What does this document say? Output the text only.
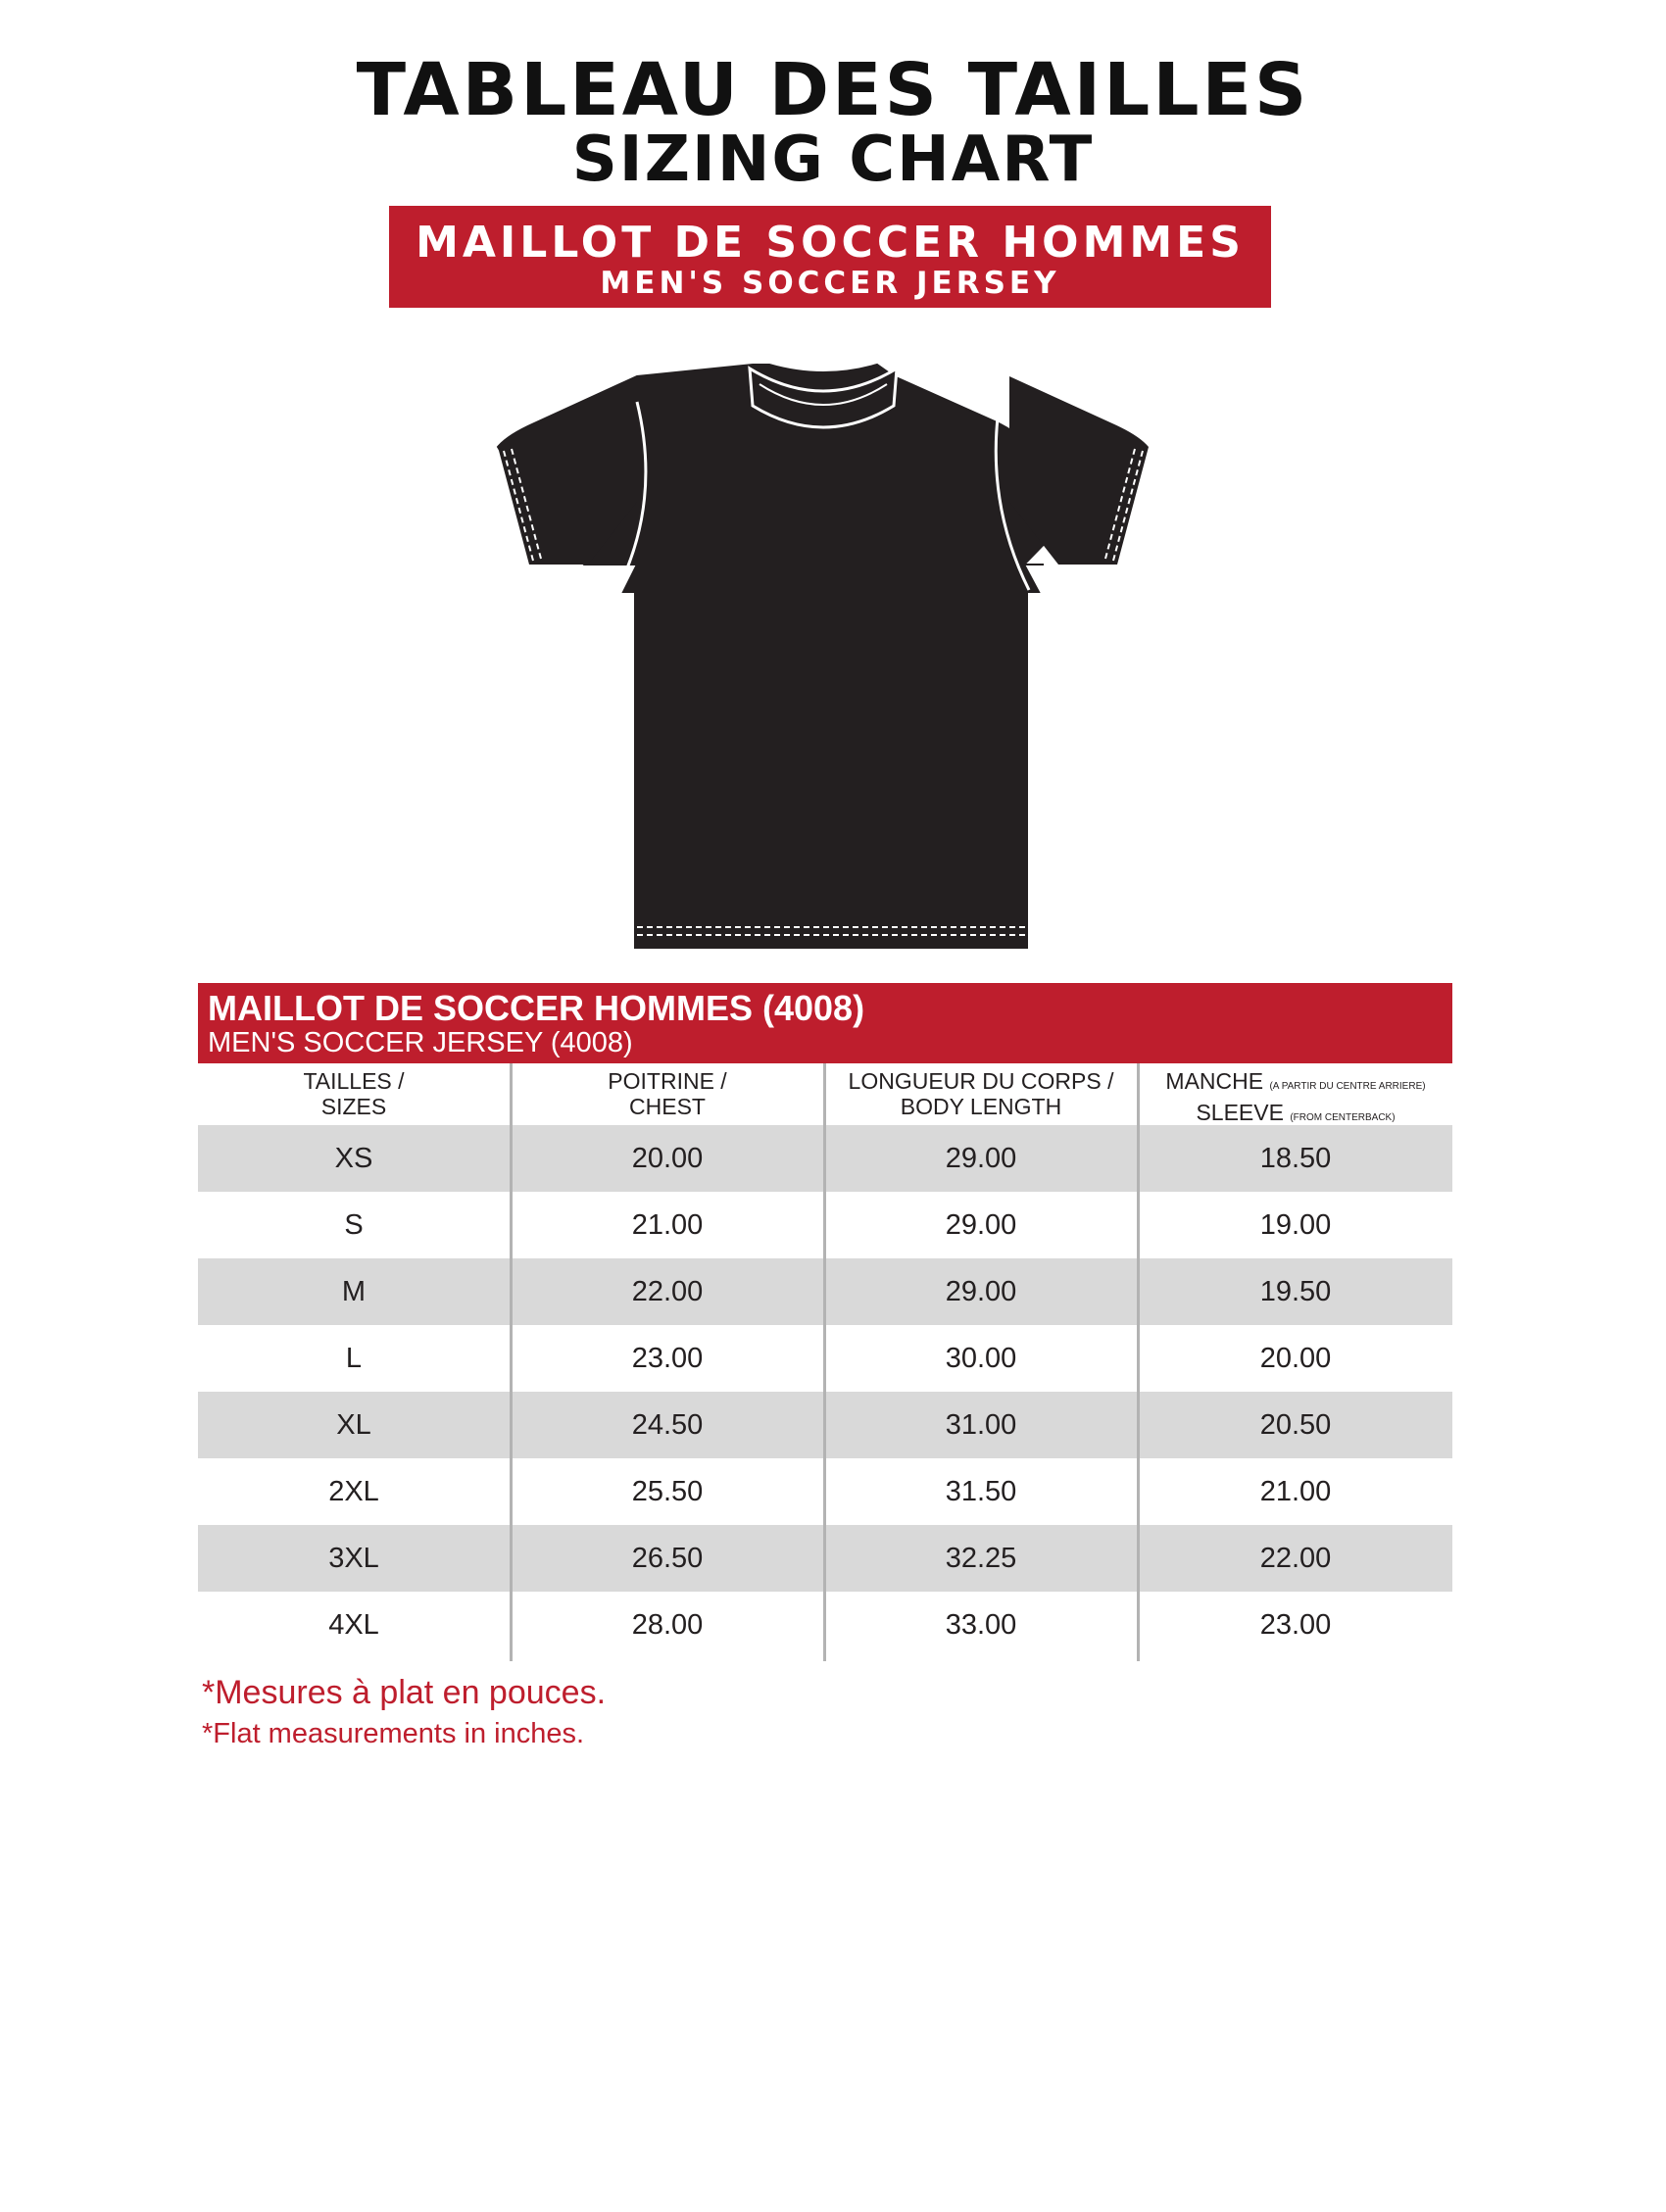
TABLEAU DES TAILLES
SIZING CHART
MAILLOT DE SOCCER HOMMES
MEN'S SOCCER JERSEY
MAILLOT DE SOCCER HOMMES (4008)
MEN'S SOCCER JERSEY (4008)
TAILLES /
SIZES
POITRINE /
CHEST
LONGUEUR DU CORPS /
BODY LENGTH
MANCHE (A PARTIR DU CENTRE ARRIERE)
SLEEVE (FROM CENTERBACK)
XS	20.00	29.00	18.50
S	21.00	29.00	19.00
M	22.00	29.00	19.50
L	23.00	30.00	20.00
XL	24.50	31.00	20.50
2XL	25.50	31.50	21.00
3XL	26.50	32.25	22.00
4XL	28.00	33.00	23.00
*Mesures à plat en pouces.
*Flat measurements in inches.
